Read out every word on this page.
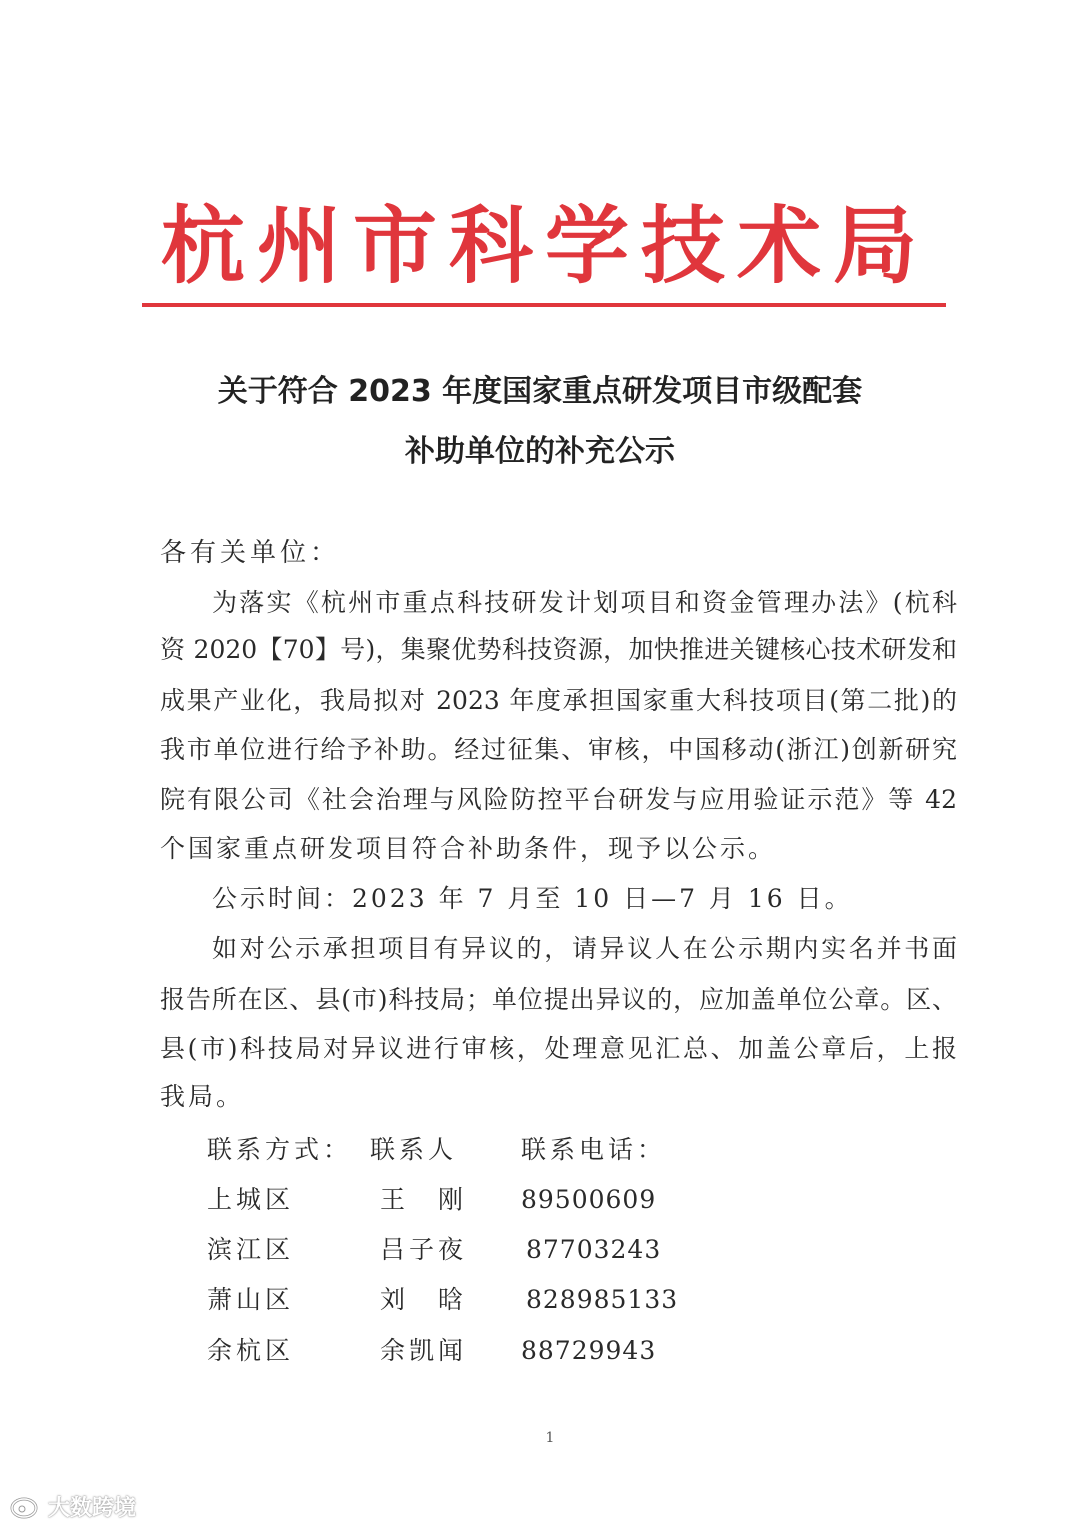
杭州市科学技术局
关于符合 2023 年度国家重点研发项目市级配套
补助单位的补充公示
各有关单位：
为落实《杭州市重点科技研发计划项目和资金管理办法》(杭科
资 2020【70】号)，集聚优势科技资源，加快推进关键核心技术研发和
成果产业化，我局拟对 2023 年度承担国家重大科技项目(第二批)的
我市单位进行给予补助。经过征集、审核，中国移动(浙江)创新研究
院有限公司《社会治理与风险防控平台研发与应用验证示范》等 42
个国家重点研发项目符合补助条件，现予以公示。
公示时间：2023 年 7 月至 10 日—7 月 16 日。
如对公示承担项目有异议的，请异议人在公示期内实名并书面
报告所在区、县(市)科技局；单位提出异议的，应加盖单位公章。区、
县(市)科技局对异议进行审核，处理意见汇总、加盖公章后，上报
我局。
联系方式： 联系人	联系电话：
上城区	王　刚 89500609
滨江区	吕子夜 87703243
萧山区	刘　晗 828985133
余杭区	余凯闻 88729943
1
大数跨境
